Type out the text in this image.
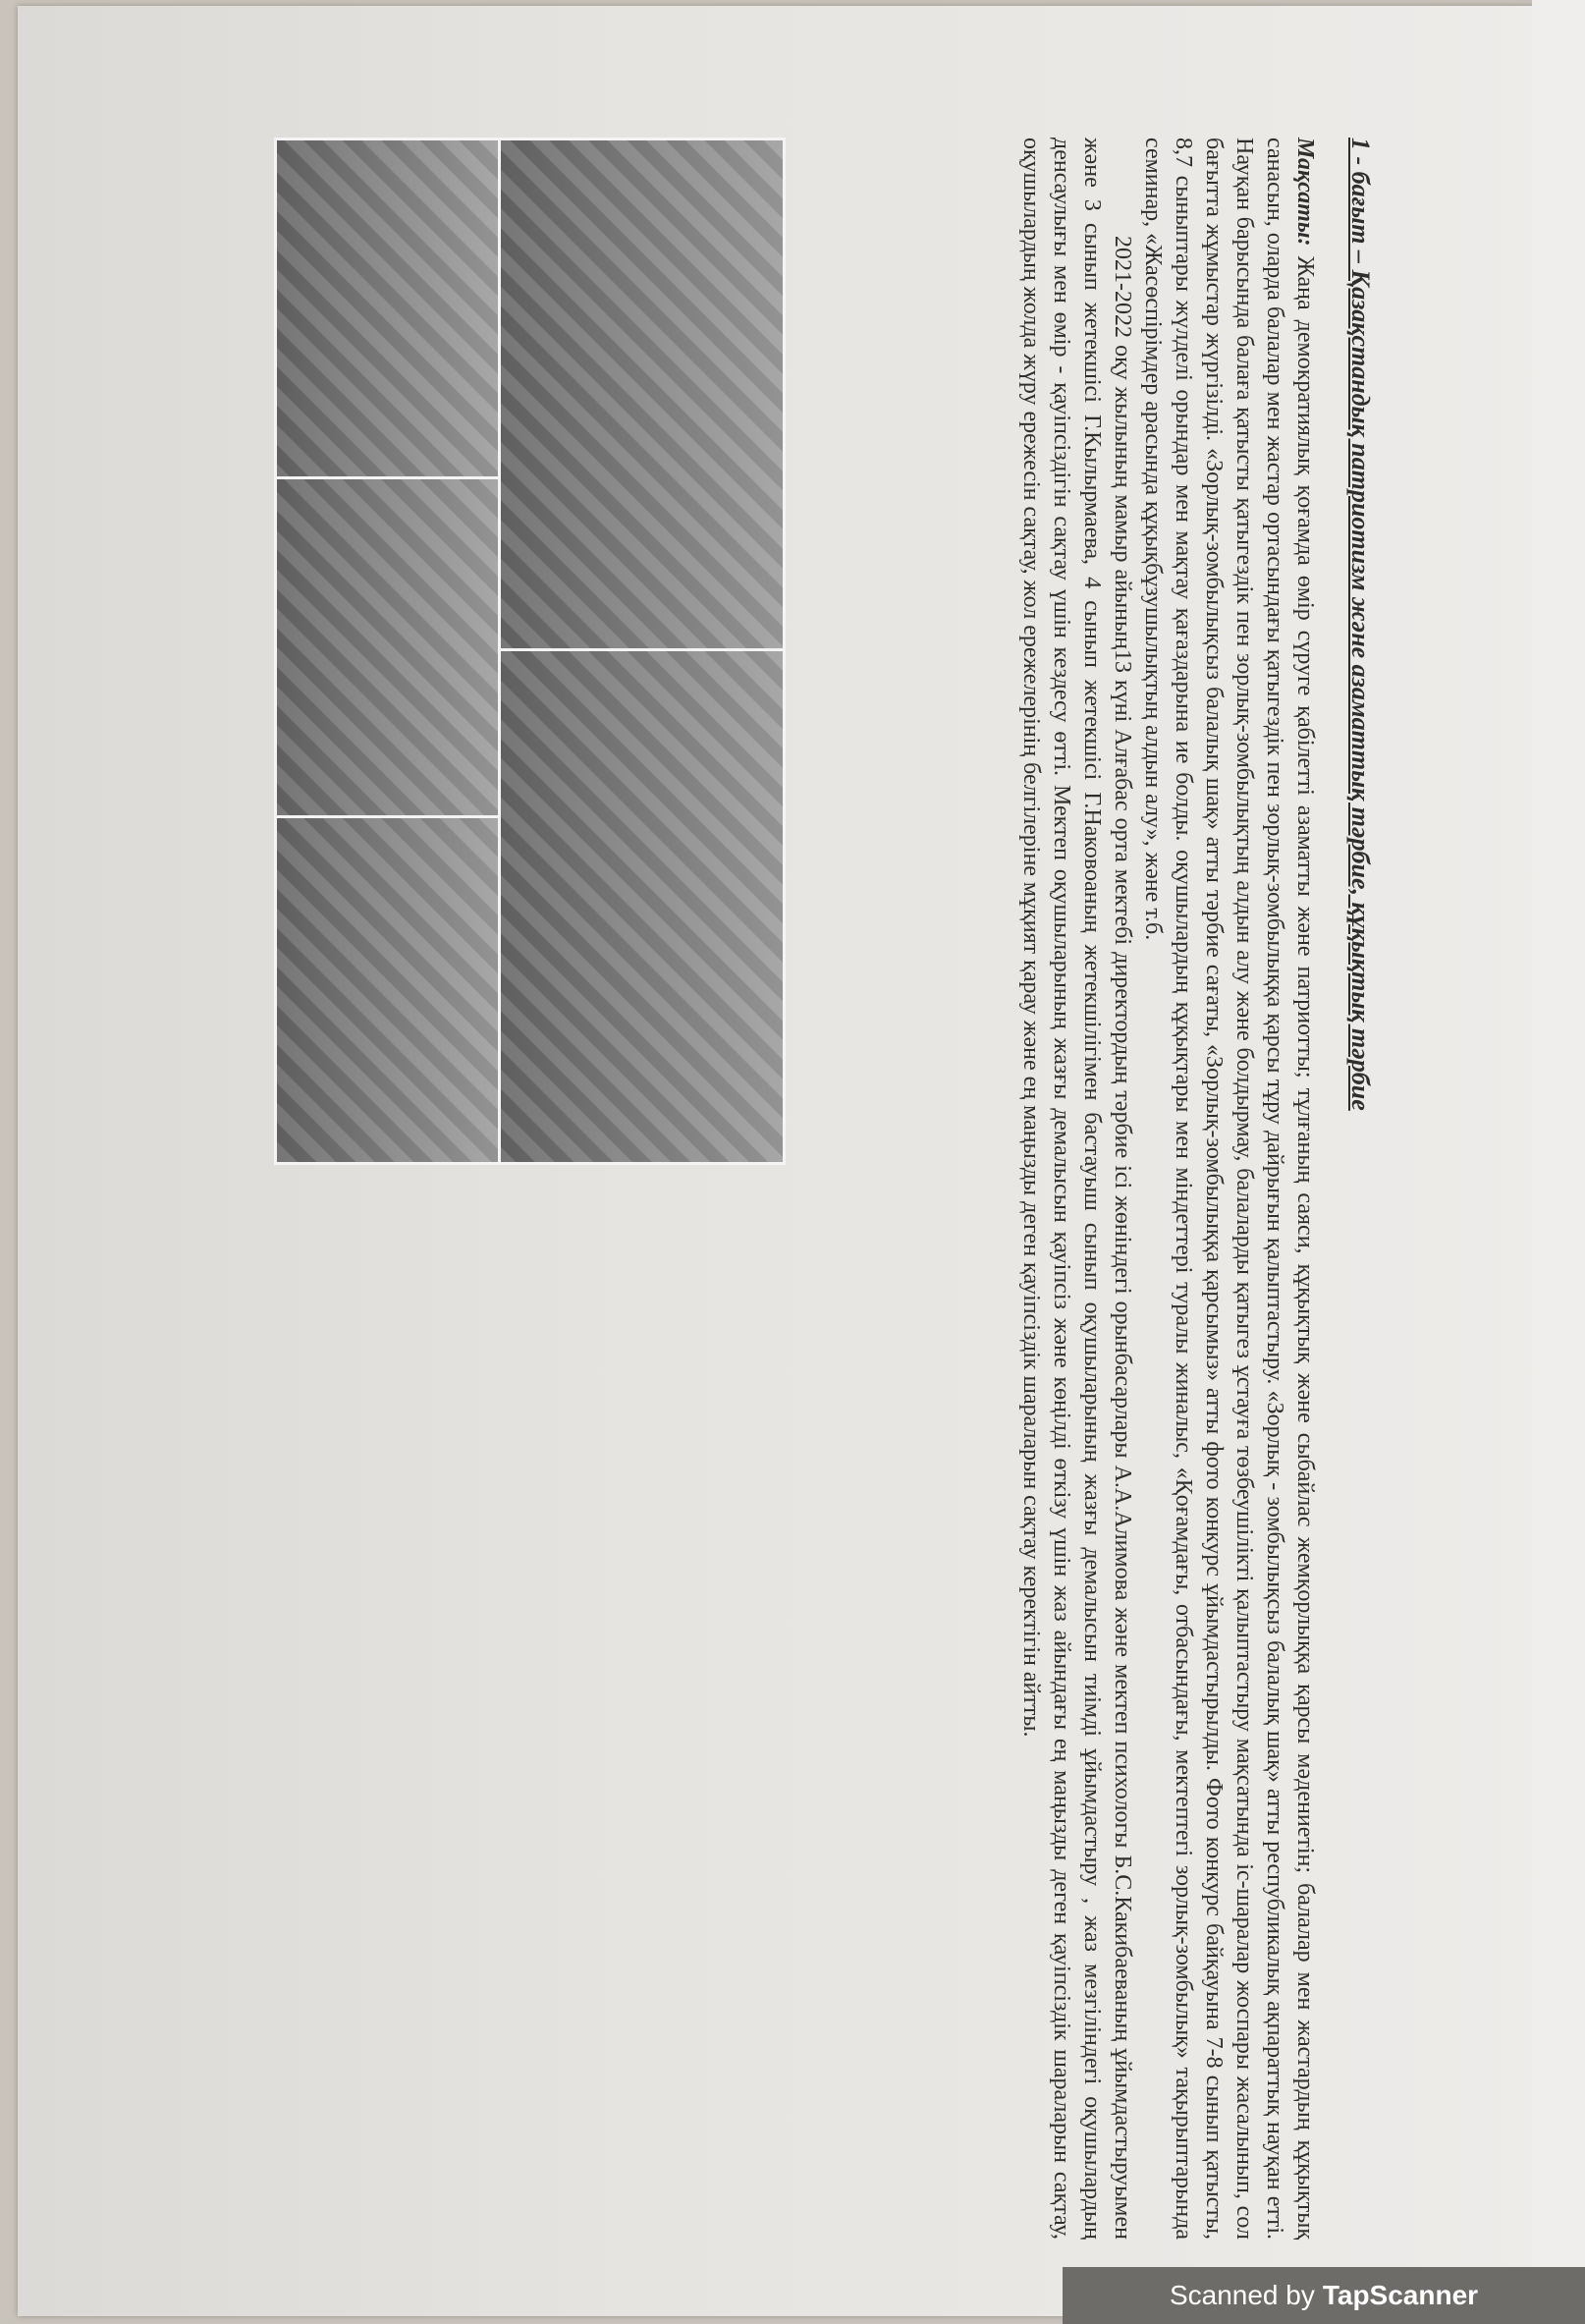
1 - бағыт – Қазақстандық патриотизм және азаматтық тәрбие, құқықтық тәрбие

Мақсаты: Жаңа демократиялық қоғамда өмір сүруге қабілетті азаматты және патриотты; тұлғаның саяси, құқықтық және сыбайлас жемқорлыққа қарсы мәдениетін; балалар мен жастардың құқықтық санасын, оларда балалар мен жастар ортасындағы қатыгездік пен зорлық-зомбылыққа қарсы тұру дайрығын қалыптастыру. «Зорлық - зомбылықсыз балалық шақ» атты республикалық ақпараттық науқан етті. Науқан барысында балаға қатысты қатыгездік пен зорлық-зомбылықтың алдын алу және болдырмау, балаларды қатыгез ұстауға төзбеушілікті қалыптастыру мақсатында іс-шаралар жоспары жасалынып, сол бағытта жұмыстар жүргізілді. «Зорлық-зомбылықсыз балалық шақ» атты тәрбие сағаты, «Зорлық-зомбылыққа қарсымыз» атты фото конкурс ұйымдастырылды. Фото конкурс байқауына 7-8 сынып қатысты, 8,7 сыныптары жүлделі орындар мен мақтау қағаздарына ие болды. оқушылардың құқықтары мен міндеттері туралы жиналыс, «Қоғамдағы, отбасындағы, мектептегі зорлық-зомбылық» тақырыптарында семинар, «Жасөспірімдер арасында құқықбұзушылықтың алдын алу», және т.б.

2021-2022 оқу жылының мамыр айының13 күні Алғабас орта мектебі директордың тәрбие ісі жөніндегі орынбасарлары А.А.Алимова және мектеп психологы Б.С.Какибаеваның ұйымдастыруымен және 3 сынып жетекшісі Г.Кылырмаева, 4 сынып жетекшісі Г.Наковоаның жетекшілігімен бастауыш сынып оқушыларының жазғы демалысын тиімді ұйымдастыру , жаз мезгіліндегі оқушылардың денсаулығы мен өмір - қауіпсіздігін сақтау үшін кездесу өтті. Мектеп оқушыларының жазғы демалысын қауіпсіз және көңілді өткізу үшін жаз айындағы ең маңызды деген қауіпсіздік шараларын сақтау, оқушылардың жолда жүру ережесін сақтау, жол ережелерінің белгілеріне мұқият қарау және ең маңызды деген қауіпсіздік шараларын сақтау керектігін айтты.

Scanned by TapScanner
